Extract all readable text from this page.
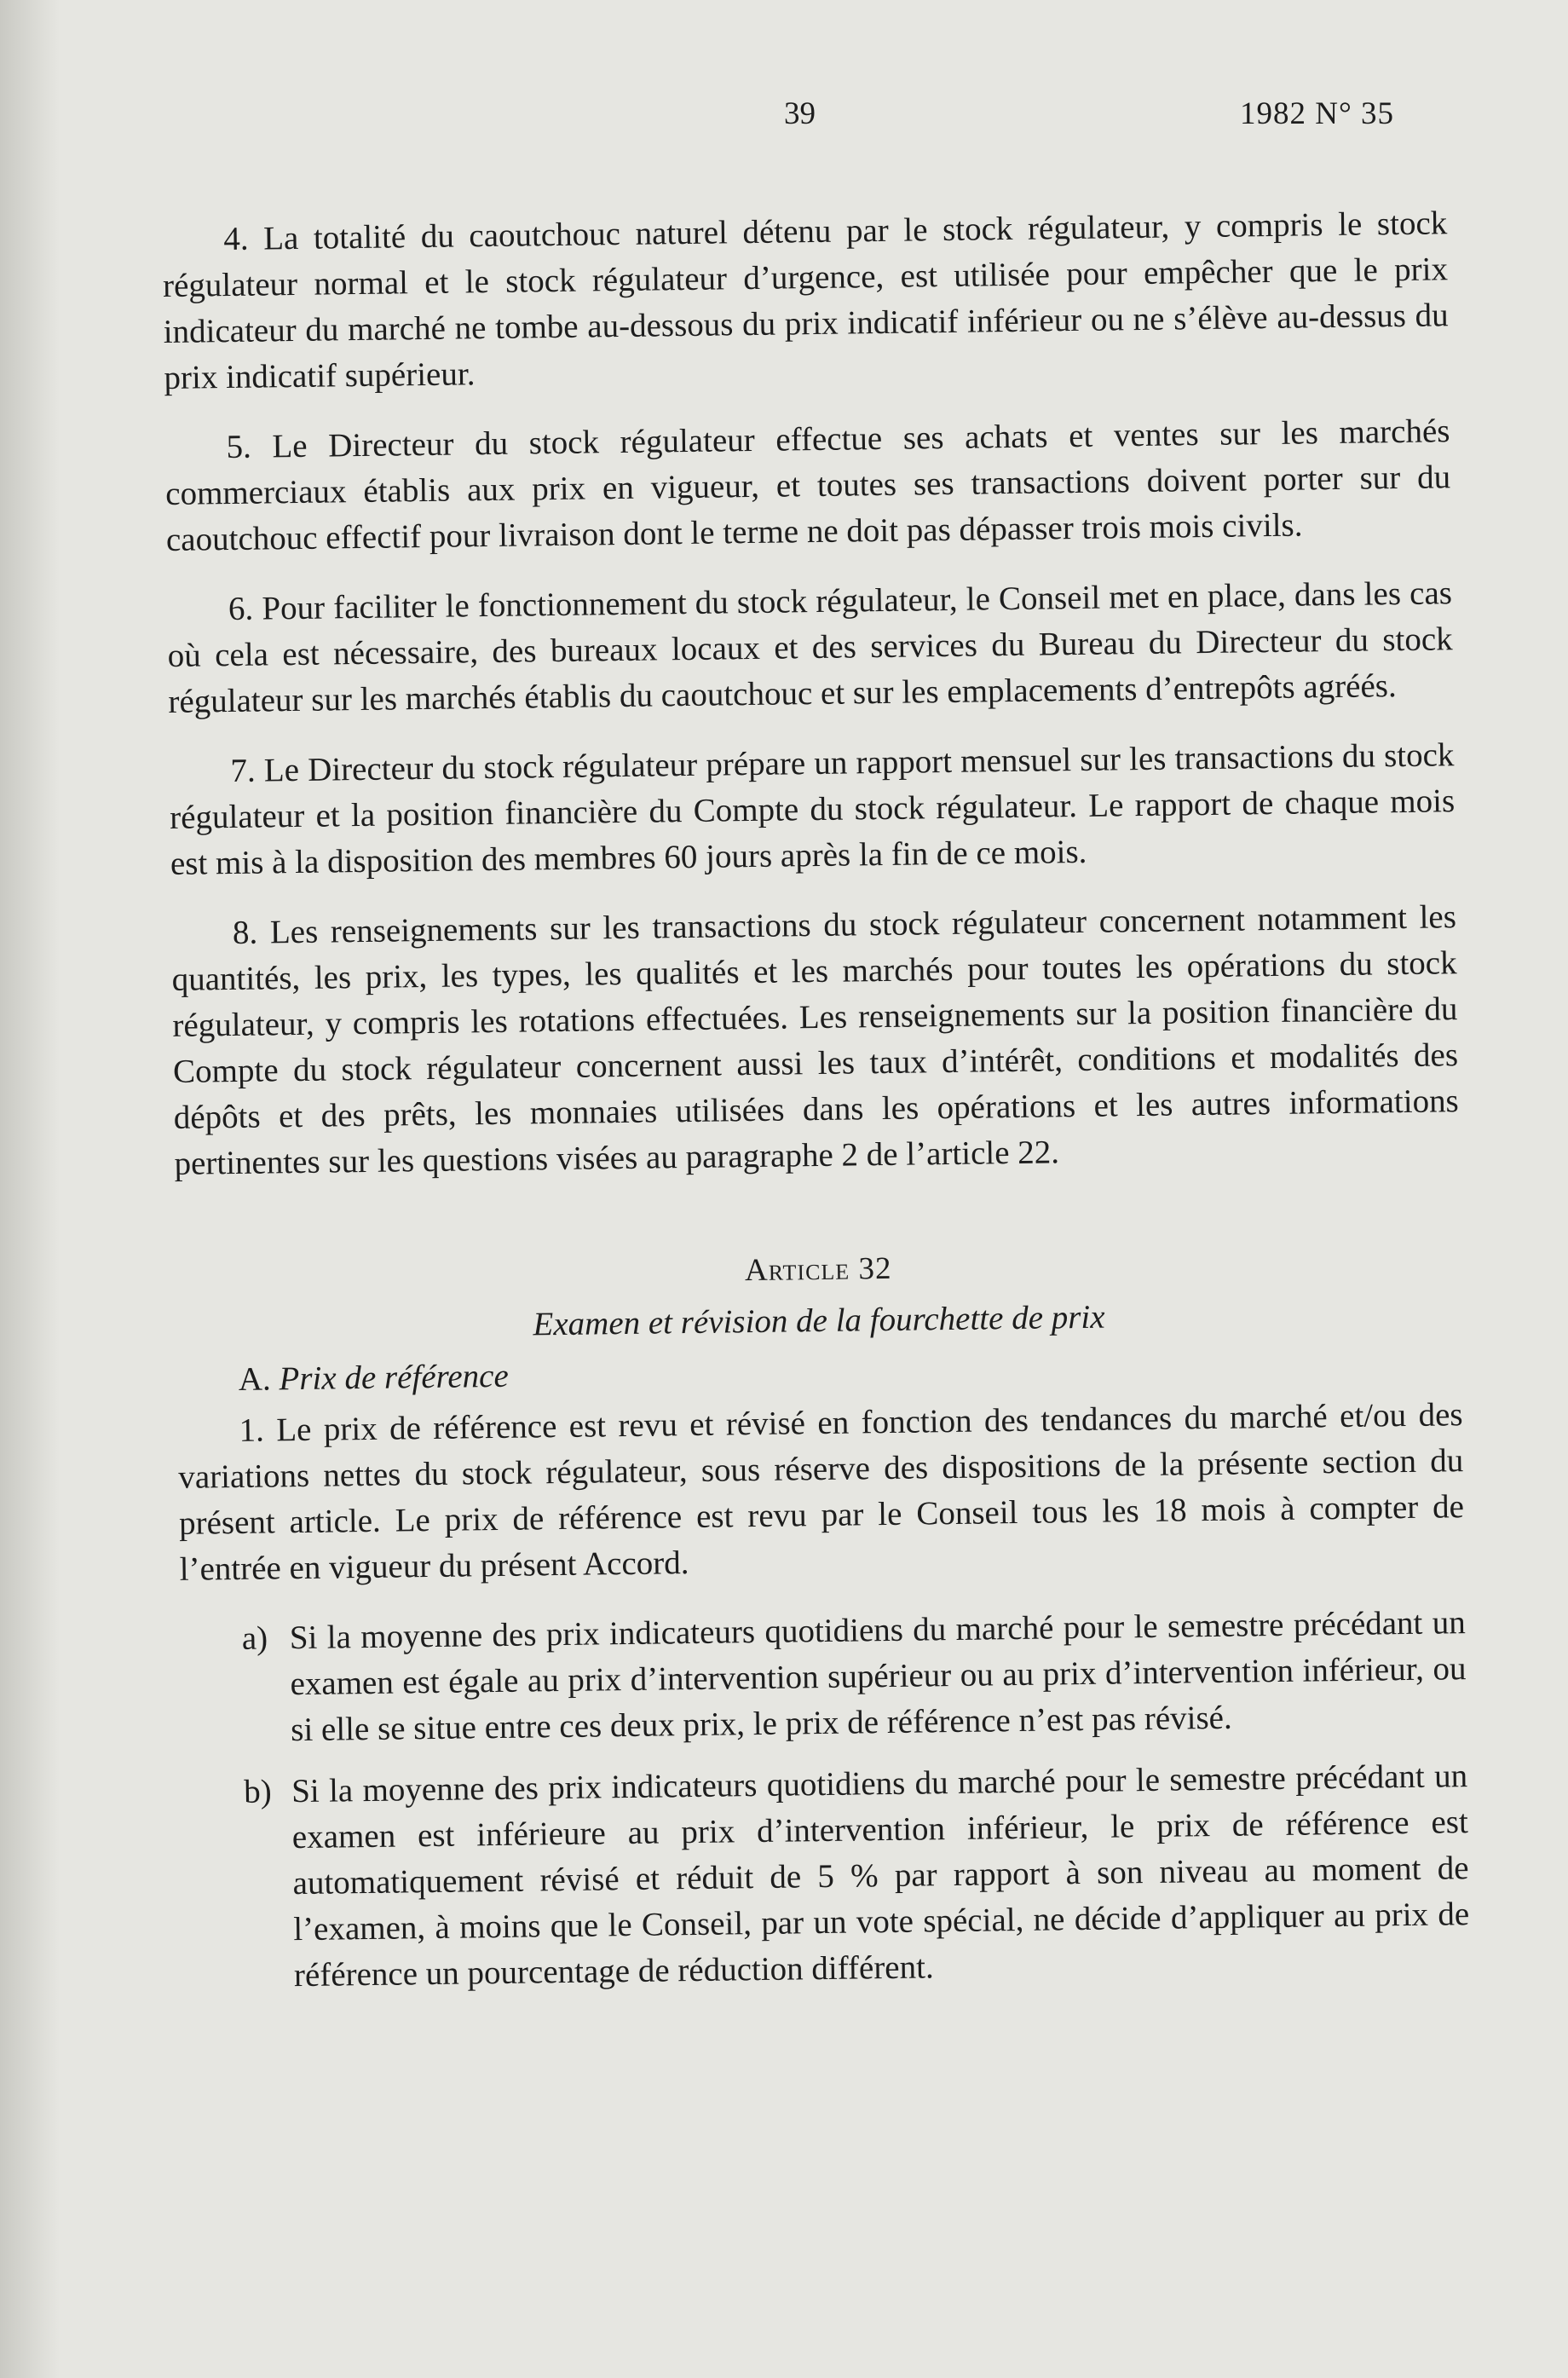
39	1982 N° 35

4. La totalité du caoutchouc naturel détenu par le stock régulateur, y compris le stock régulateur normal et le stock régulateur d’urgence, est utilisée pour empêcher que le prix indicateur du marché ne tombe au-dessous du prix indicatif inférieur ou ne s’élève au-dessus du prix indicatif supérieur.

5. Le Directeur du stock régulateur effectue ses achats et ventes sur les marchés commerciaux établis aux prix en vigueur, et toutes ses transactions doivent porter sur du caoutchouc effectif pour livraison dont le terme ne doit pas dépasser trois mois civils.

6. Pour faciliter le fonctionnement du stock régulateur, le Conseil met en place, dans les cas où cela est nécessaire, des bureaux locaux et des services du Bureau du Directeur du stock régulateur sur les marchés établis du caoutchouc et sur les emplacements d’entrepôts agréés.

7. Le Directeur du stock régulateur prépare un rapport mensuel sur les transactions du stock régulateur et la position financière du Compte du stock régulateur. Le rapport de chaque mois est mis à la disposition des membres 60 jours après la fin de ce mois.

8. Les renseignements sur les transactions du stock régulateur concernent notamment les quantités, les prix, les types, les qualités et les marchés pour toutes les opérations du stock régulateur, y compris les rotations effectuées. Les renseignements sur la position financière du Compte du stock régulateur concernent aussi les taux d’intérêt, conditions et modalités des dépôts et des prêts, les monnaies utilisées dans les opérations et les autres informations pertinentes sur les questions visées au paragraphe 2 de l’article 22.

Article 32
Examen et révision de la fourchette de prix
A. Prix de référence

1. Le prix de référence est revu et révisé en fonction des tendances du marché et/ou des variations nettes du stock régulateur, sous réserve des dispositions de la présente section du présent article. Le prix de référence est revu par le Conseil tous les 18 mois à compter de l’entrée en vigueur du présent Accord.

a) Si la moyenne des prix indicateurs quotidiens du marché pour le semestre précédant un examen est égale au prix d’intervention supérieur ou au prix d’intervention inférieur, ou si elle se situe entre ces deux prix, le prix de référence n’est pas révisé.
b) Si la moyenne des prix indicateurs quotidiens du marché pour le semestre précédant un examen est inférieure au prix d’intervention inférieur, le prix de référence est automatiquement révisé et réduit de 5 % par rapport à son niveau au moment de l’examen, à moins que le Conseil, par un vote spécial, ne décide d’appliquer au prix de référence un pourcentage de réduction différent.
